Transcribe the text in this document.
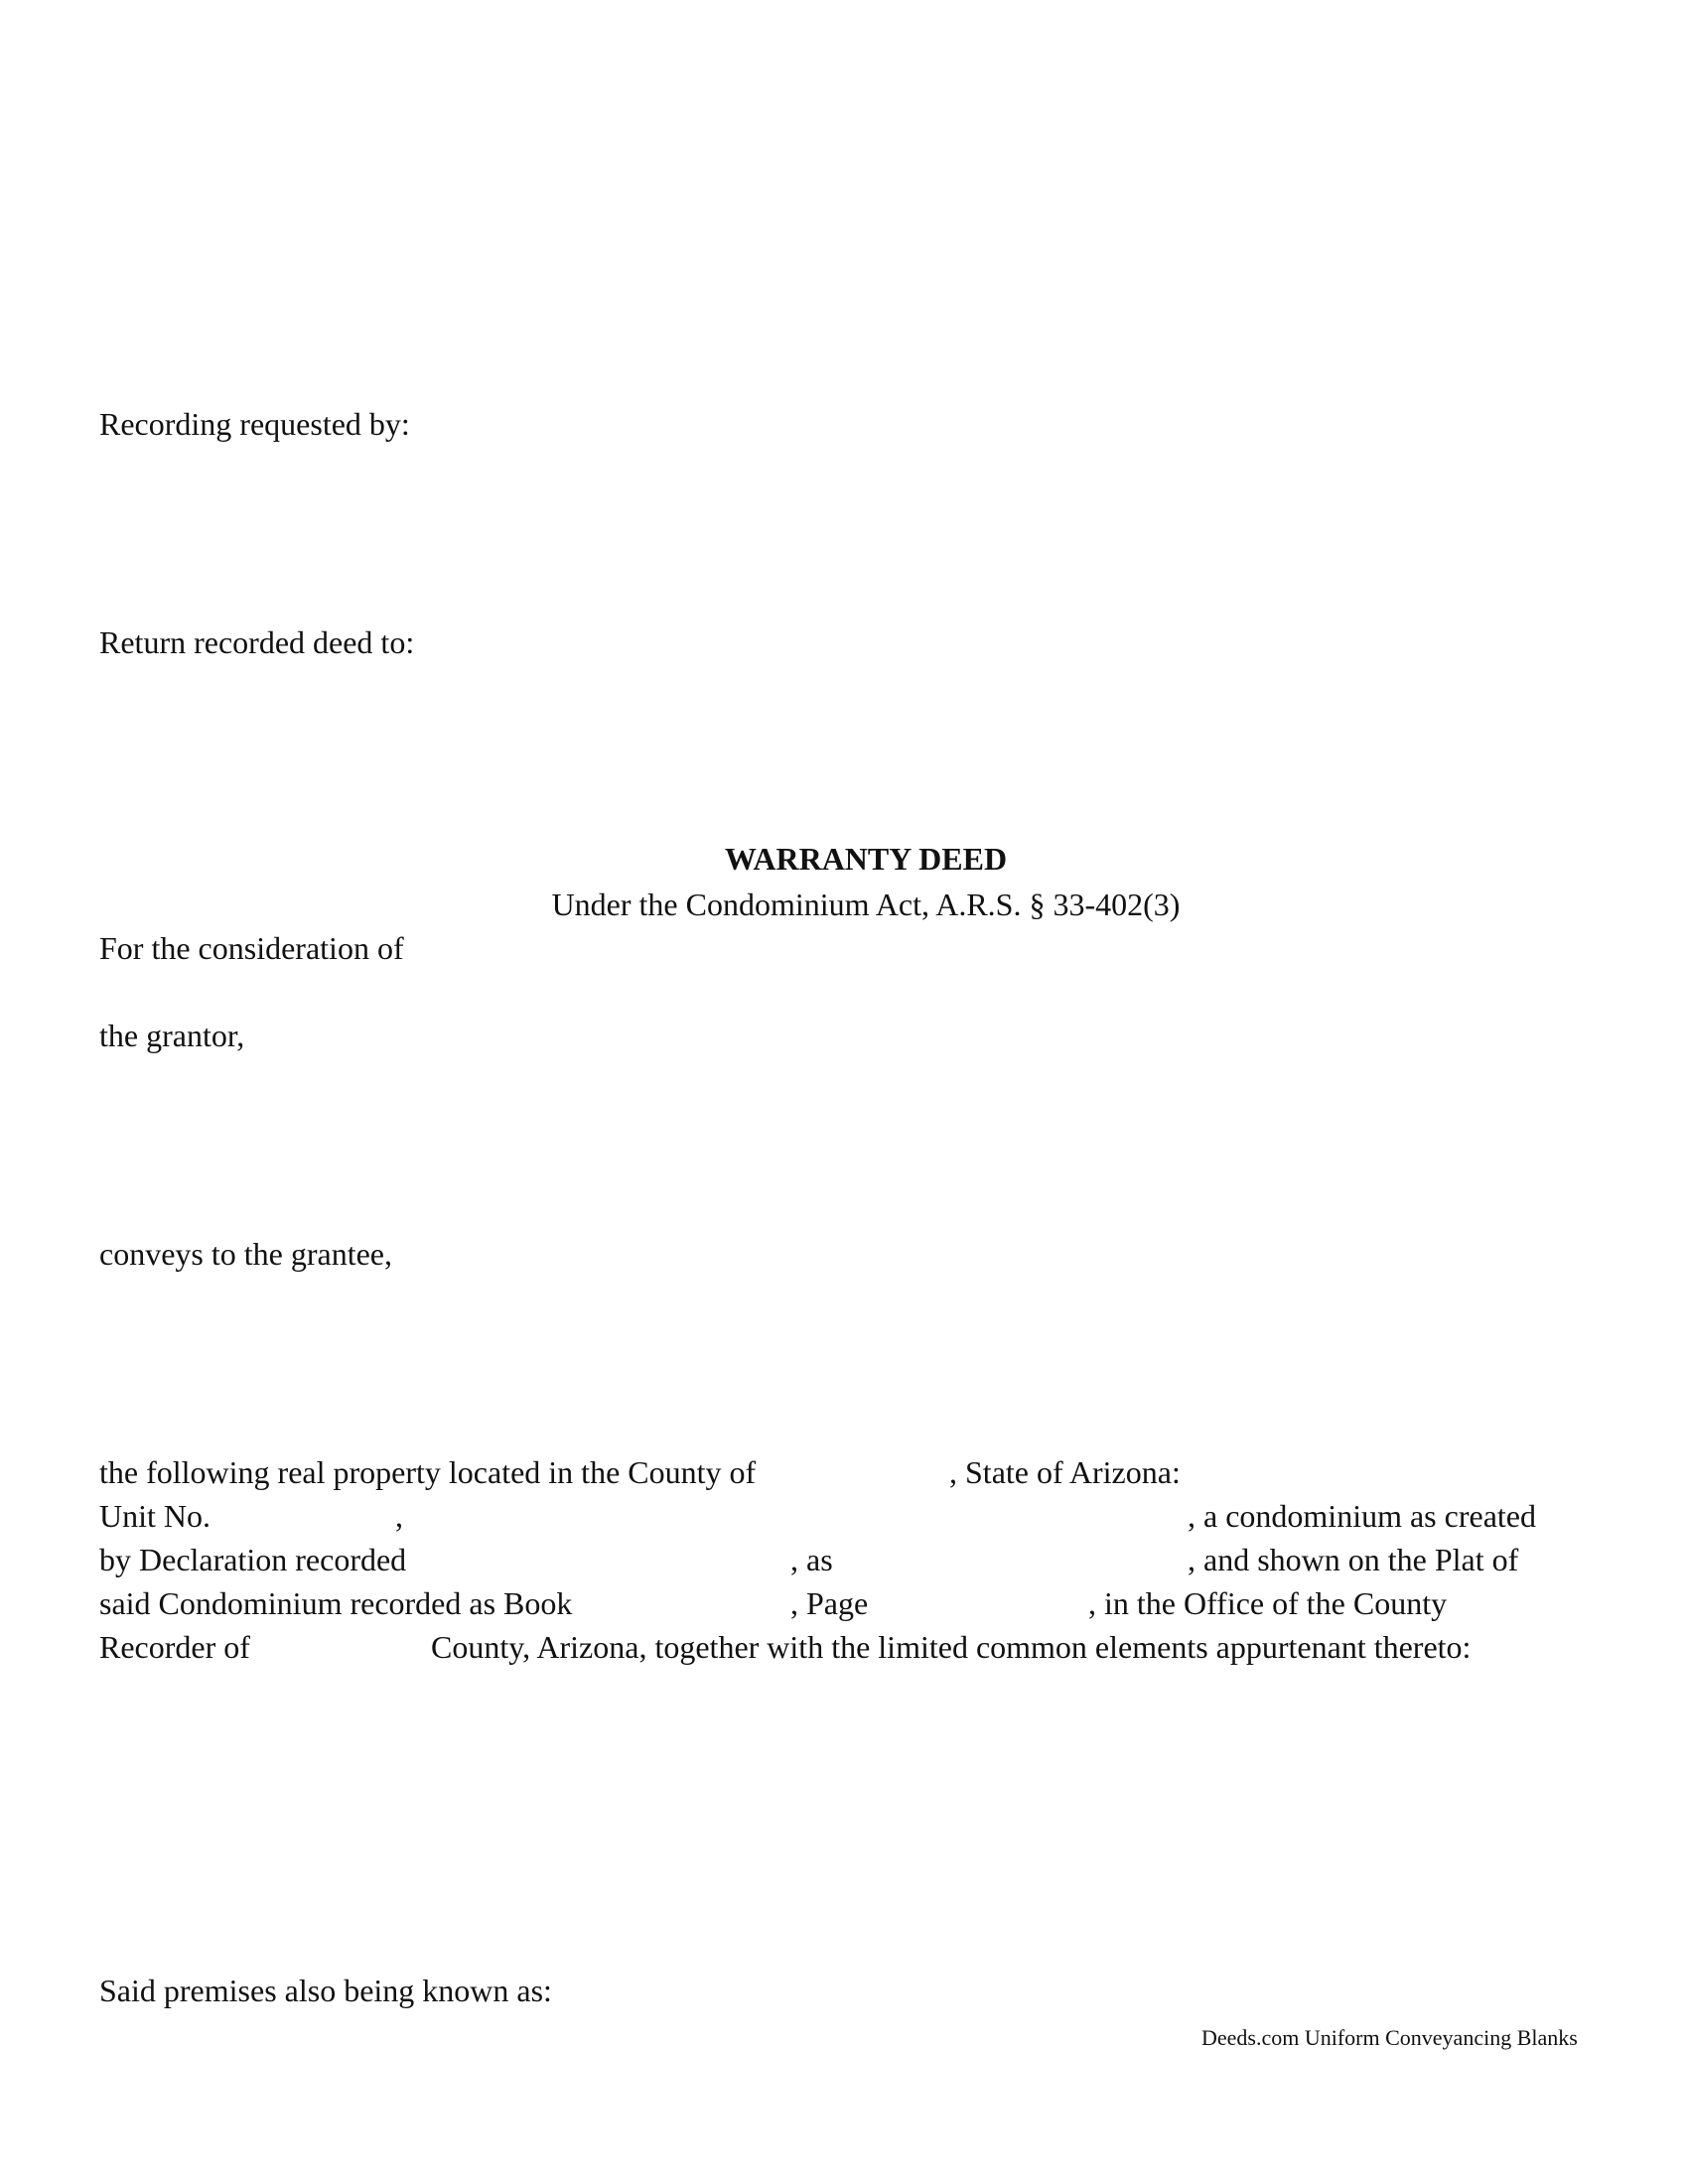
Recording requested by:
Return recorded deed to:
WARRANTY DEED
Under the Condominium Act, A.R.S. § 33-402(3)
For the consideration of
the grantor,
conveys to the grantee,
the following real property located in the County of	, State of Arizona:
Unit No.	,	, a condominium as created
by Declaration recorded	, as	, and shown on the Plat of
said Condominium recorded as Book	, Page	, in the Office of the County
Recorder of	County, Arizona, together with the limited common elements appurtenant thereto:
Said premises also being known as:
Deeds.com Uniform Conveyancing Blanks
